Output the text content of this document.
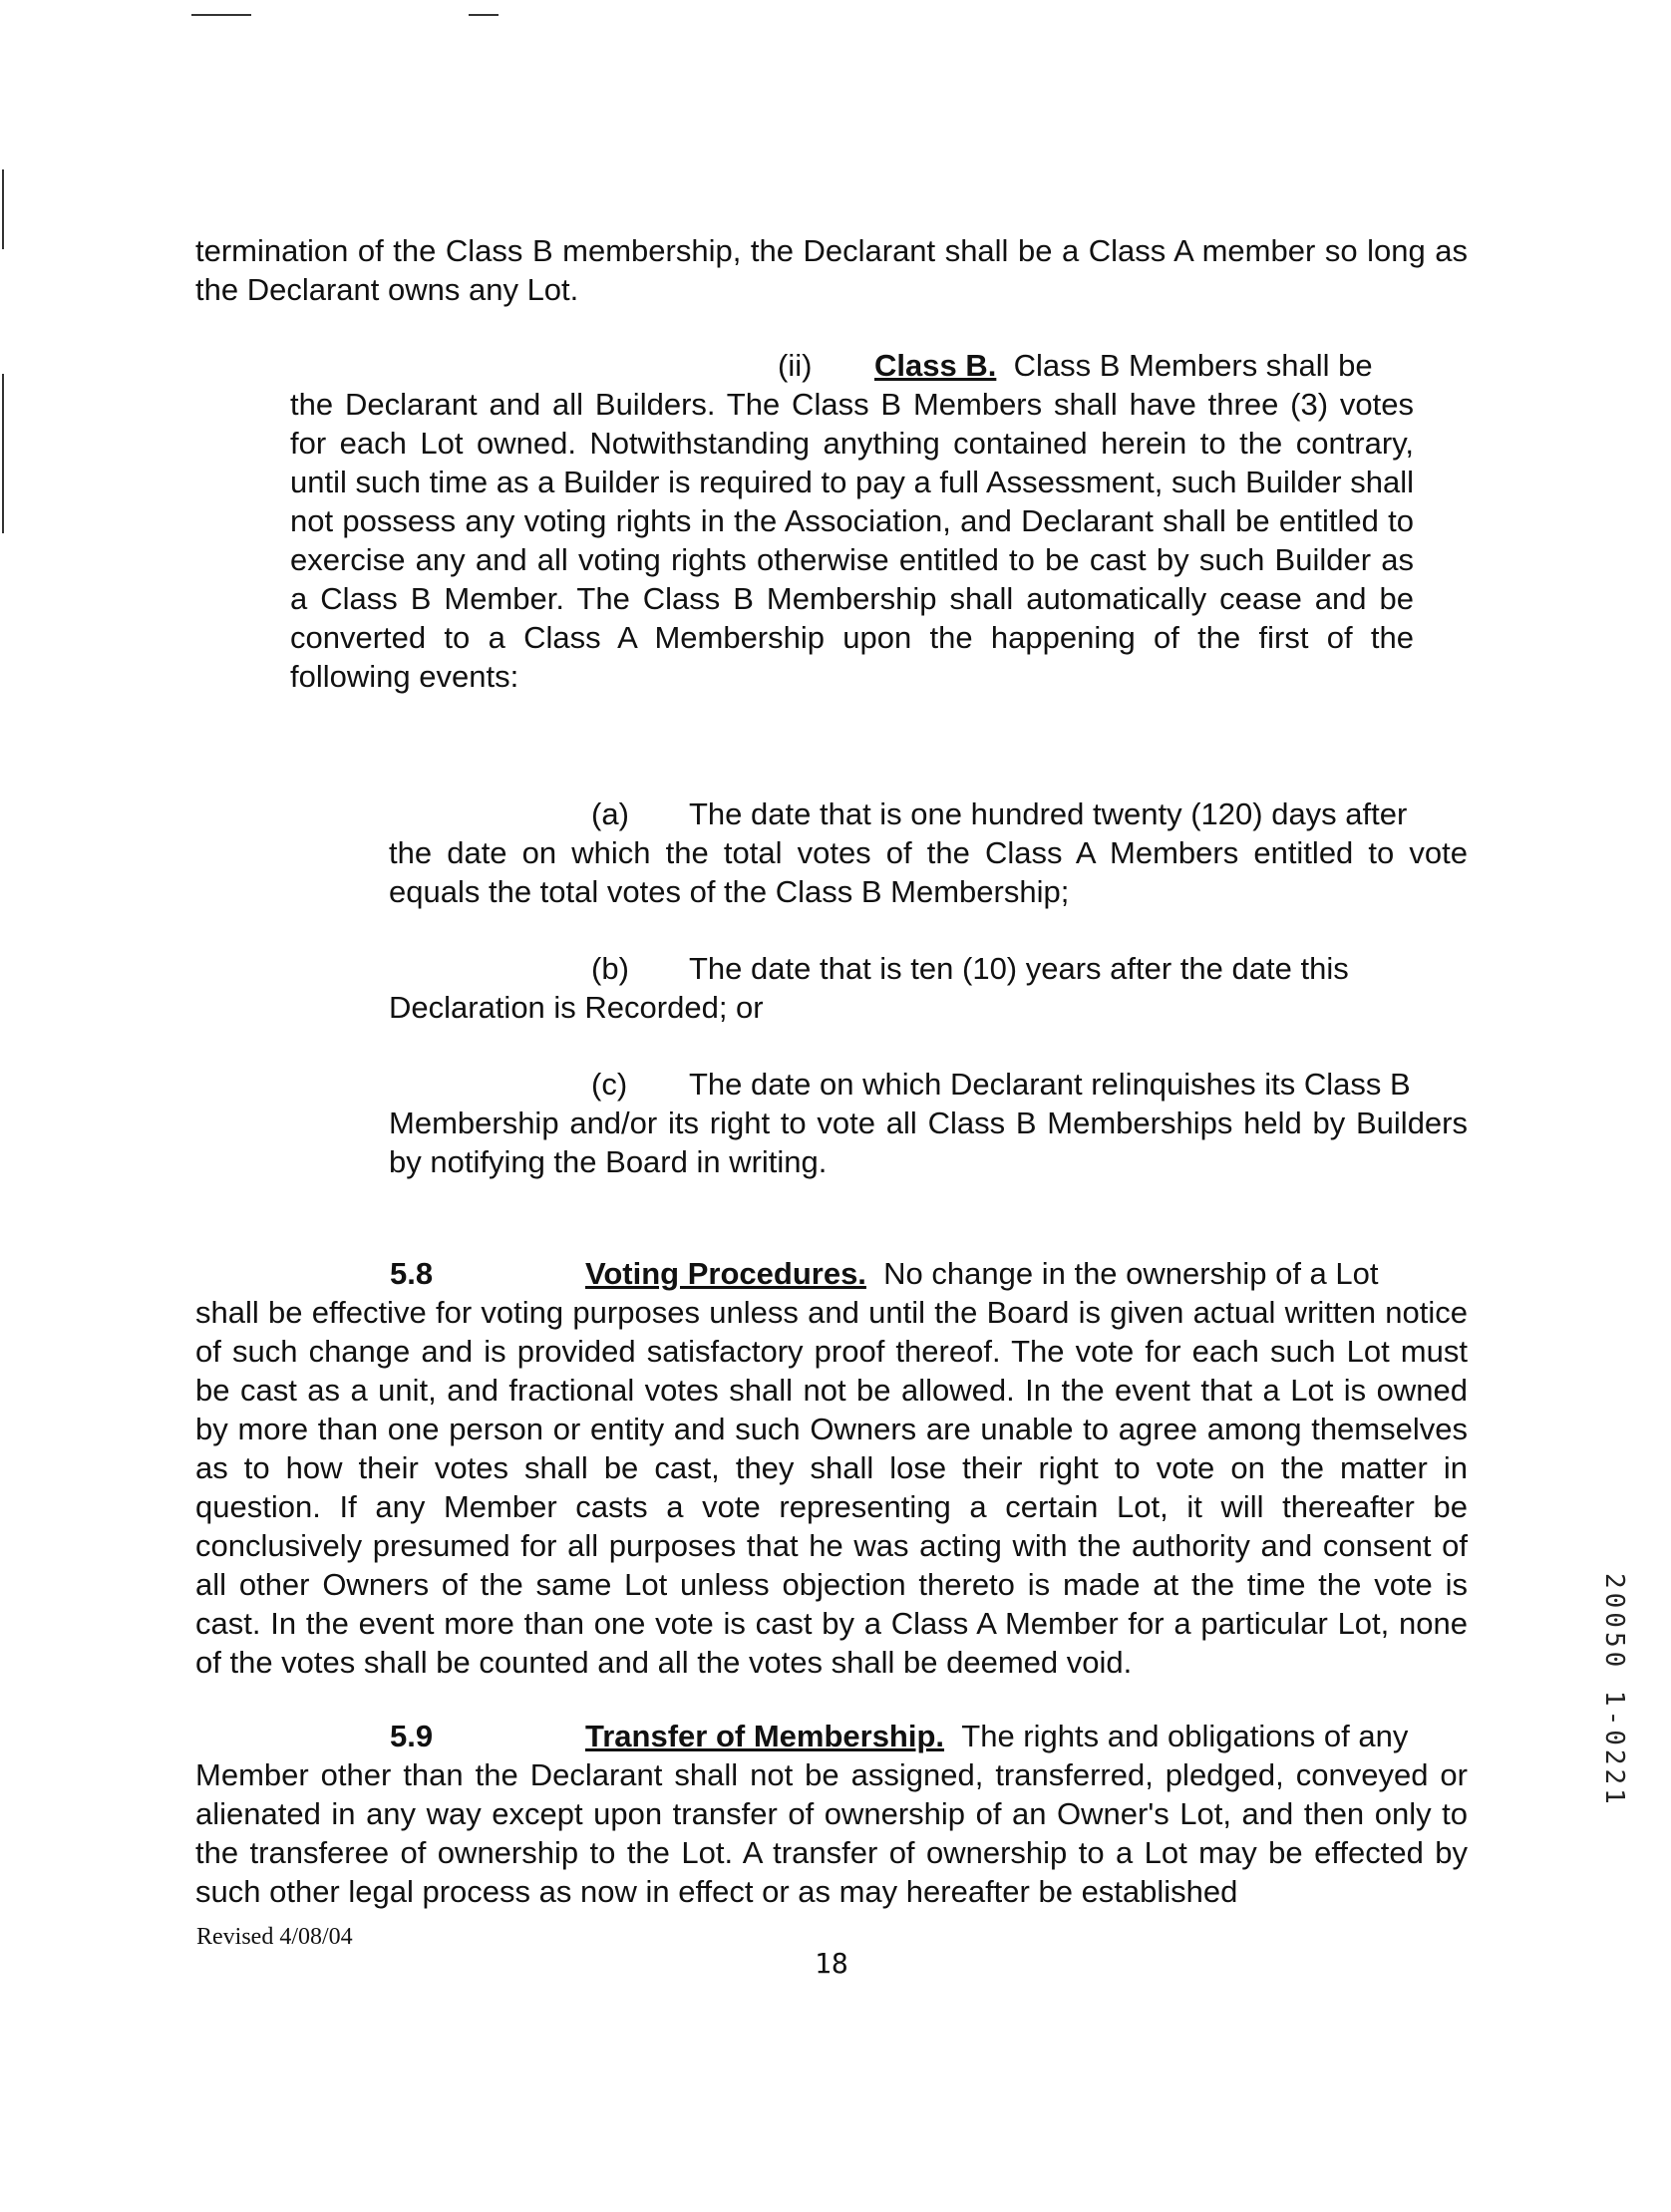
termination of the Class B membership, the Declarant shall be a Class A member so long as the Declarant owns any Lot.

(ii) Class B. Class B Members shall be

the Declarant and all Builders. The Class B Members shall have three (3) votes for each Lot owned. Notwithstanding anything contained herein to the contrary, until such time as a Builder is required to pay a full Assessment, such Builder shall not possess any voting rights in the Association, and Declarant shall be entitled to exercise any and all voting rights otherwise entitled to be cast by such Builder as a Class B Member. The Class B Membership shall automatically cease and be converted to a Class A Membership upon the happening of the first of the following events:

(a) The date that is one hundred twenty (120) days after

the date on which the total votes of the Class A Members entitled to vote equals the total votes of the Class B Membership;

(b) The date that is ten (10) years after the date this

Declaration is Recorded; or

(c) The date on which Declarant relinquishes its Class B

Membership and/or its right to vote all Class B Memberships held by Builders by notifying the Board in writing.

5.8	Voting Procedures. No change in the ownership of a Lot

shall be effective for voting purposes unless and until the Board is given actual written notice of such change and is provided satisfactory proof thereof. The vote for each such Lot must be cast as a unit, and fractional votes shall not be allowed. In the event that a Lot is owned by more than one person or entity and such Owners are unable to agree among themselves as to how their votes shall be cast, they shall lose their right to vote on the matter in question. If any Member casts a vote representing a certain Lot, it will thereafter be conclusively presumed for all purposes that he was acting with the authority and consent of all other Owners of the same Lot unless objection thereto is made at the time the vote is cast. In the event more than one vote is cast by a Class A Member for a particular Lot, none of the votes shall be counted and all the votes shall be deemed void.

5.9	Transfer of Membership. The rights and obligations of any

Member other than the Declarant shall not be assigned, transferred, pledged, conveyed or alienated in any way except upon transfer of ownership of an Owner's Lot, and then only to the transferee of ownership to the Lot. A transfer of ownership to a Lot may be effected by such other legal process as now in effect or as may hereafter be established

Revised 4/08/04
18
20050 1-0221
